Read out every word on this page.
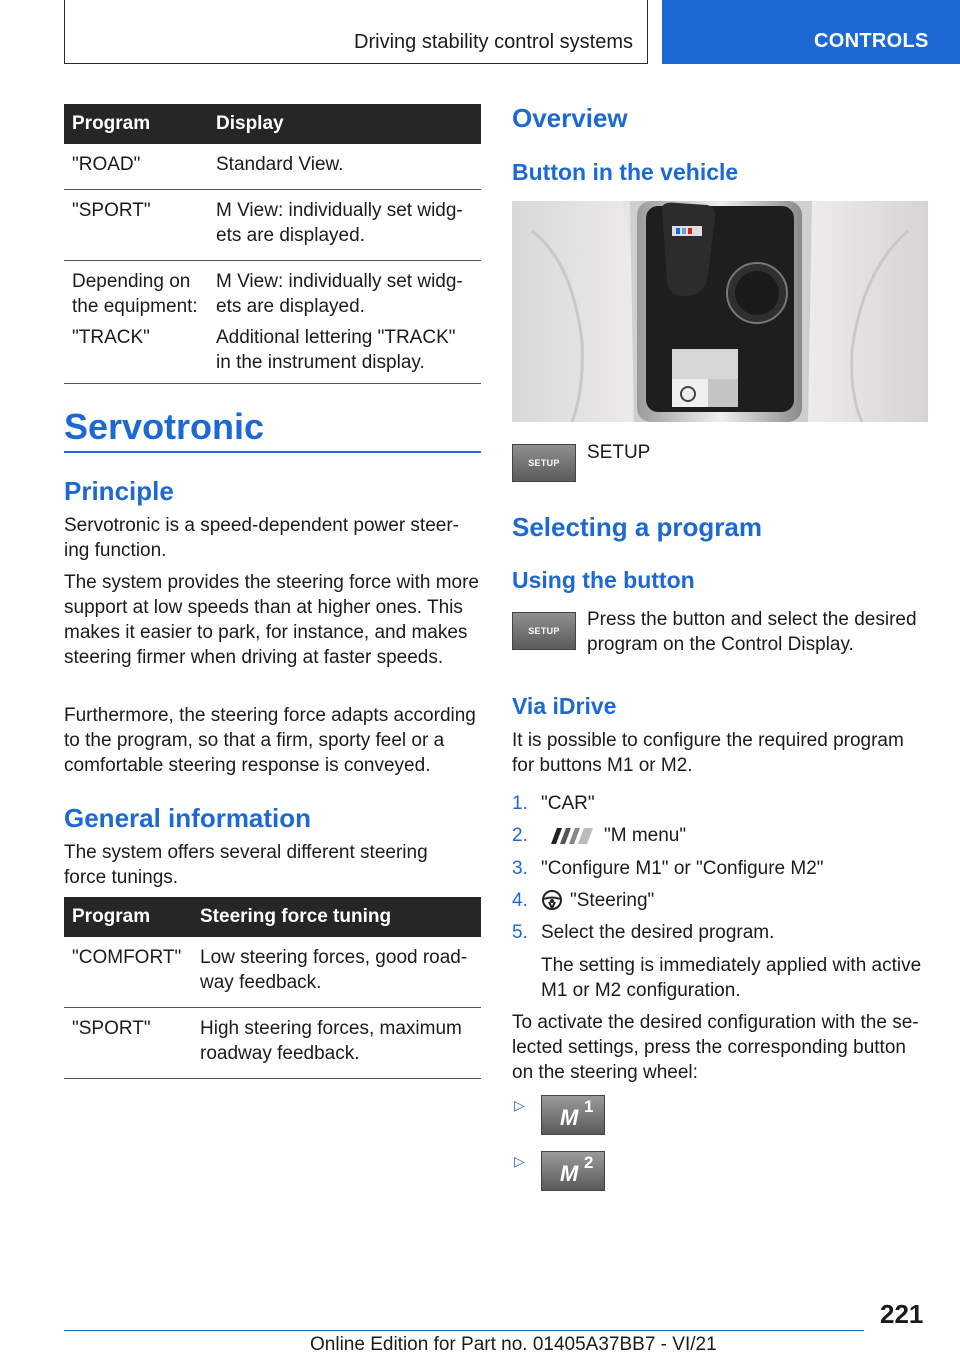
Driving stability control systems	CONTROLS
Program	Display
"ROAD"	Standard View.
"SPORT"	M View: individually set widg-ets are displayed.
Depending on the equipment:	M View: individually set widg-ets are displayed.
"TRACK"	Additional lettering "TRACK" in the instrument display.
Servotronic
Principle
Servotronic is a speed-dependent power steer-ing function.
The system provides the steering force with more support at low speeds than at higher ones. This makes it easier to park, for instance, and makes steering firmer when driving at faster speeds.
Furthermore, the steering force adapts according to the program, so that a firm, sporty feel or a comfortable steering response is conveyed.
General information
The system offers several different steering force tunings.
Program	Steering force tuning
"COMFORT"	Low steering forces, good road-way feedback.
"SPORT"	High steering forces, maximum roadway feedback.
Overview
Button in the vehicle
SETUP SETUP
Selecting a program
Using the button
SETUP
Press the button and select the desired program on the Control Display.
Via iDrive
It is possible to configure the required program for buttons M1 or M2.
1. "CAR"
2.	"M menu"
3. "Configure M1" or "Configure M2"
4. "Steering"
5. Select the desired program.
The setting is immediately applied with active M1 or M2 configuration.
To activate the desired configuration with the se-lected settings, press the corresponding button on the steering wheel:
▷ M 1
▷ M 2
221
Online Edition for Part no. 01405A37BB7 - VI/21
